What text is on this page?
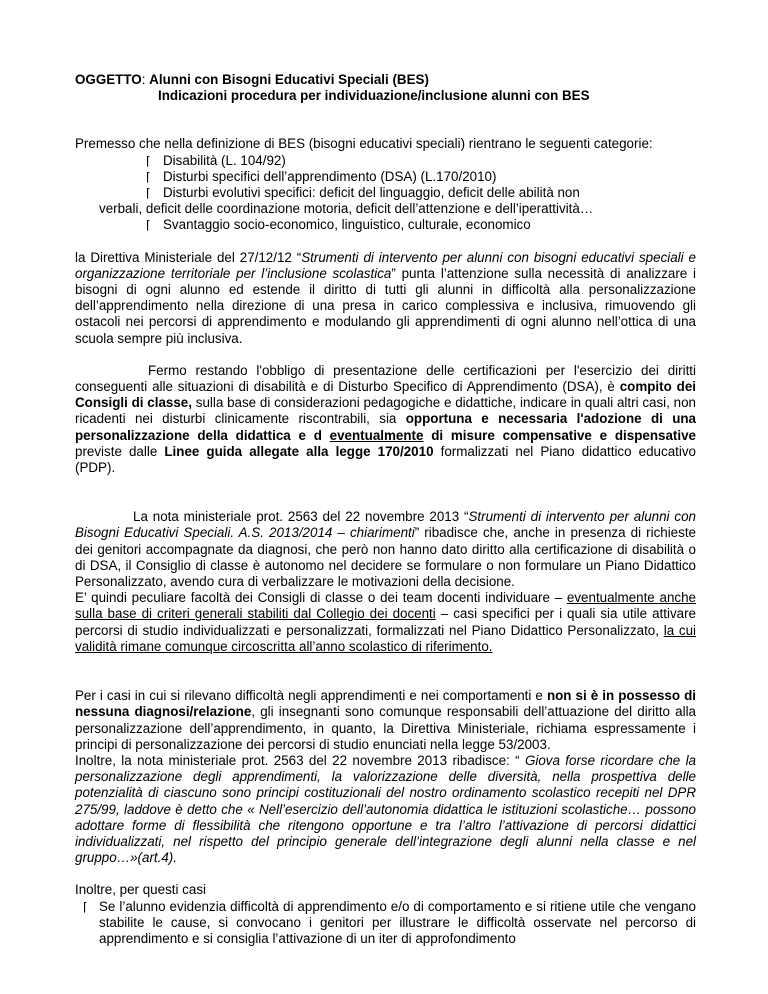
OGGETTO: Alunni con Bisogni Educativi Speciali (BES)

Indicazioni procedura per individuazione/inclusione alunni con BES

Premesso che nella definizione di BES (bisogni educativi speciali) rientrano le seguenti categorie:

⌈ Disabilità (L. 104/92)
⌈ Disturbi specifici dell’apprendimento (DSA) (L.170/2010)
⌈ Disturbi evolutivi specifici: deficit del linguaggio, deficit delle abilità non

verbali, deficit delle coordinazione motoria, deficit dell’attenzione e dell’iperattività…

⌈ Svantaggio socio-economico, linguistico, culturale, economico

la Direttiva Ministeriale del 27/12/12 “Strumenti di intervento per alunni con bisogni educativi speciali e organizzazione territoriale per l’inclusione scolastica” punta l’attenzione sulla necessità di analizzare i bisogni di ogni alunno ed estende il diritto di tutti gli alunni in difficoltà alla personalizzazione dell’apprendimento nella direzione di una presa in carico complessiva e inclusiva, rimuovendo gli ostacoli nei percorsi di apprendimento e modulando gli apprendimenti di ogni alunno nell’ottica di una scuola sempre più inclusiva.

Fermo restando l'obbligo di presentazione delle certificazioni per l'esercizio dei diritti conseguenti alle situazioni di disabilità e di Disturbo Specifico di Apprendimento (DSA), è compito dei Consigli di classe, sulla base di considerazioni pedagogiche e didattiche, indicare in quali altri casi, non ricadenti nei disturbi clinicamente riscontrabili, sia opportuna e necessaria l'adozione di una personalizzazione della didattica e d eventualmente di misure compensative e dispensative previste dalle Linee guida allegate alla legge 170/2010 formalizzati nel Piano didattico educativo (PDP).

La nota ministeriale prot. 2563 del 22 novembre 2013 “Strumenti di intervento per alunni con Bisogni Educativi Speciali. A.S. 2013/2014 – chiarimenti” ribadisce che, anche in presenza di richieste dei genitori accompagnate da diagnosi, che però non hanno dato diritto alla certificazione di disabilità o di DSA, il Consiglio di classe è autonomo nel decidere se formulare o non formulare un Piano Didattico Personalizzato, avendo cura di verbalizzare le motivazioni della decisione.

E’ quindi peculiare facoltà dei Consigli di classe o dei team docenti individuare – eventualmente anche sulla base di criteri generali stabiliti dal Collegio dei docenti – casi specifici per i quali sia utile attivare percorsi di studio individualizzati e personalizzati, formalizzati nel Piano Didattico Personalizzato, la cui validità rimane comunque circoscritta all’anno scolastico di riferimento.

Per i casi in cui si rilevano difficoltà negli apprendimenti e nei comportamenti e non si è in possesso di nessuna diagnosi/relazione, gli insegnanti sono comunque responsabili dell’attuazione del diritto alla personalizzazione dell’apprendimento, in quanto, la Direttiva Ministeriale, richiama espressamente i principi di personalizzazione dei percorsi di studio enunciati nella legge 53/2003.

Inoltre, la nota ministeriale prot. 2563 del 22 novembre 2013 ribadisce: “ Giova forse ricordare che la personalizzazione degli apprendimenti, la valorizzazione delle diversità, nella prospettiva delle potenzialità di ciascuno sono principi costituzionali del nostro ordinamento scolastico recepiti nel DPR 275/99, laddove è detto che « Nell’esercizio dell’autonomia didattica le istituzioni scolastiche… possono adottare forme di flessibilità che ritengono opportune e tra l’altro l’attivazione di percorsi didattici individualizzati, nel rispetto del principio generale dell’integrazione degli alunni nella classe e nel gruppo…»(art.4).

Inoltre, per questi casi

⌈ Se l’alunno evidenzia difficoltà di apprendimento e/o di comportamento e si ritiene utile che vengano stabilite le cause, si convocano i genitori per illustrare le difficoltà osservate nel percorso di apprendimento e si consiglia l’attivazione di un iter di approfondimento
